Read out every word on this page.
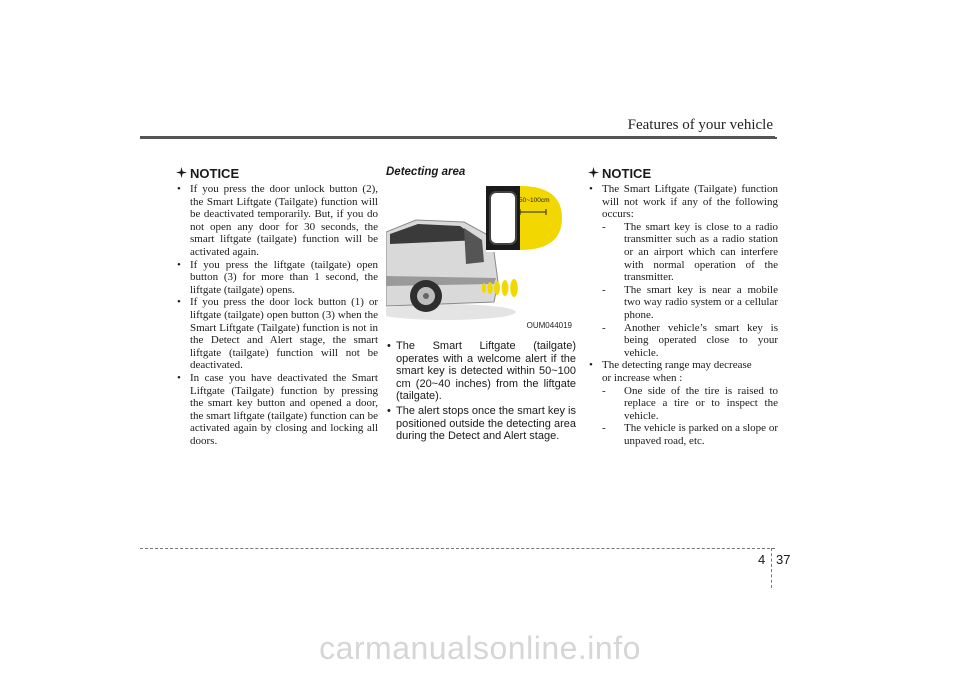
Features of your vehicle
NOTICE
• If you press the door unlock button (2), the Smart Liftgate (Tailgate) function will be deactivated temporarily. But, if you do not open any door for 30 seconds, the smart liftgate (tailgate) function will be activated again.
• If you press the liftgate (tailgate) open button (3) for more than 1 second, the liftgate (tailgate) opens.
• If you press the door lock button (1) or liftgate (tailgate) open button (3) when the Smart Liftgate (Tailgate) function is not in the Detect and Alert stage, the smart liftgate (tailgate) function will not be deactivated.
• In case you have deactivated the Smart Liftgate (Tailgate) function by pressing the smart key button and opened a door, the smart liftgate (tailgate) function can be activated again by closing and locking all doors.
Detecting area
50~100cm
OUM044019
• The Smart Liftgate (tailgate) operates with a welcome alert if the smart key is detected within 50~100 cm (20~40 inches) from the liftgate (tailgate).
• The alert stops once the smart key is positioned outside the detecting area during the Detect and Alert stage.
NOTICE
• The Smart Liftgate (Tailgate) function will not work if any of the following occurs:
- The smart key is close to a radio transmitter such as a radio station or an airport which can interfere with normal operation of the transmitter.
- The smart key is near a mobile two way radio system or a cellular phone.
- Another vehicle’s smart key is being operated close to your vehicle.
• The detecting range may decrease
or increase when :
- One side of the tire is raised to replace a tire or to inspect the vehicle.
- The vehicle is parked on a slope or unpaved road, etc.
4 37
carmanualsonline.info
